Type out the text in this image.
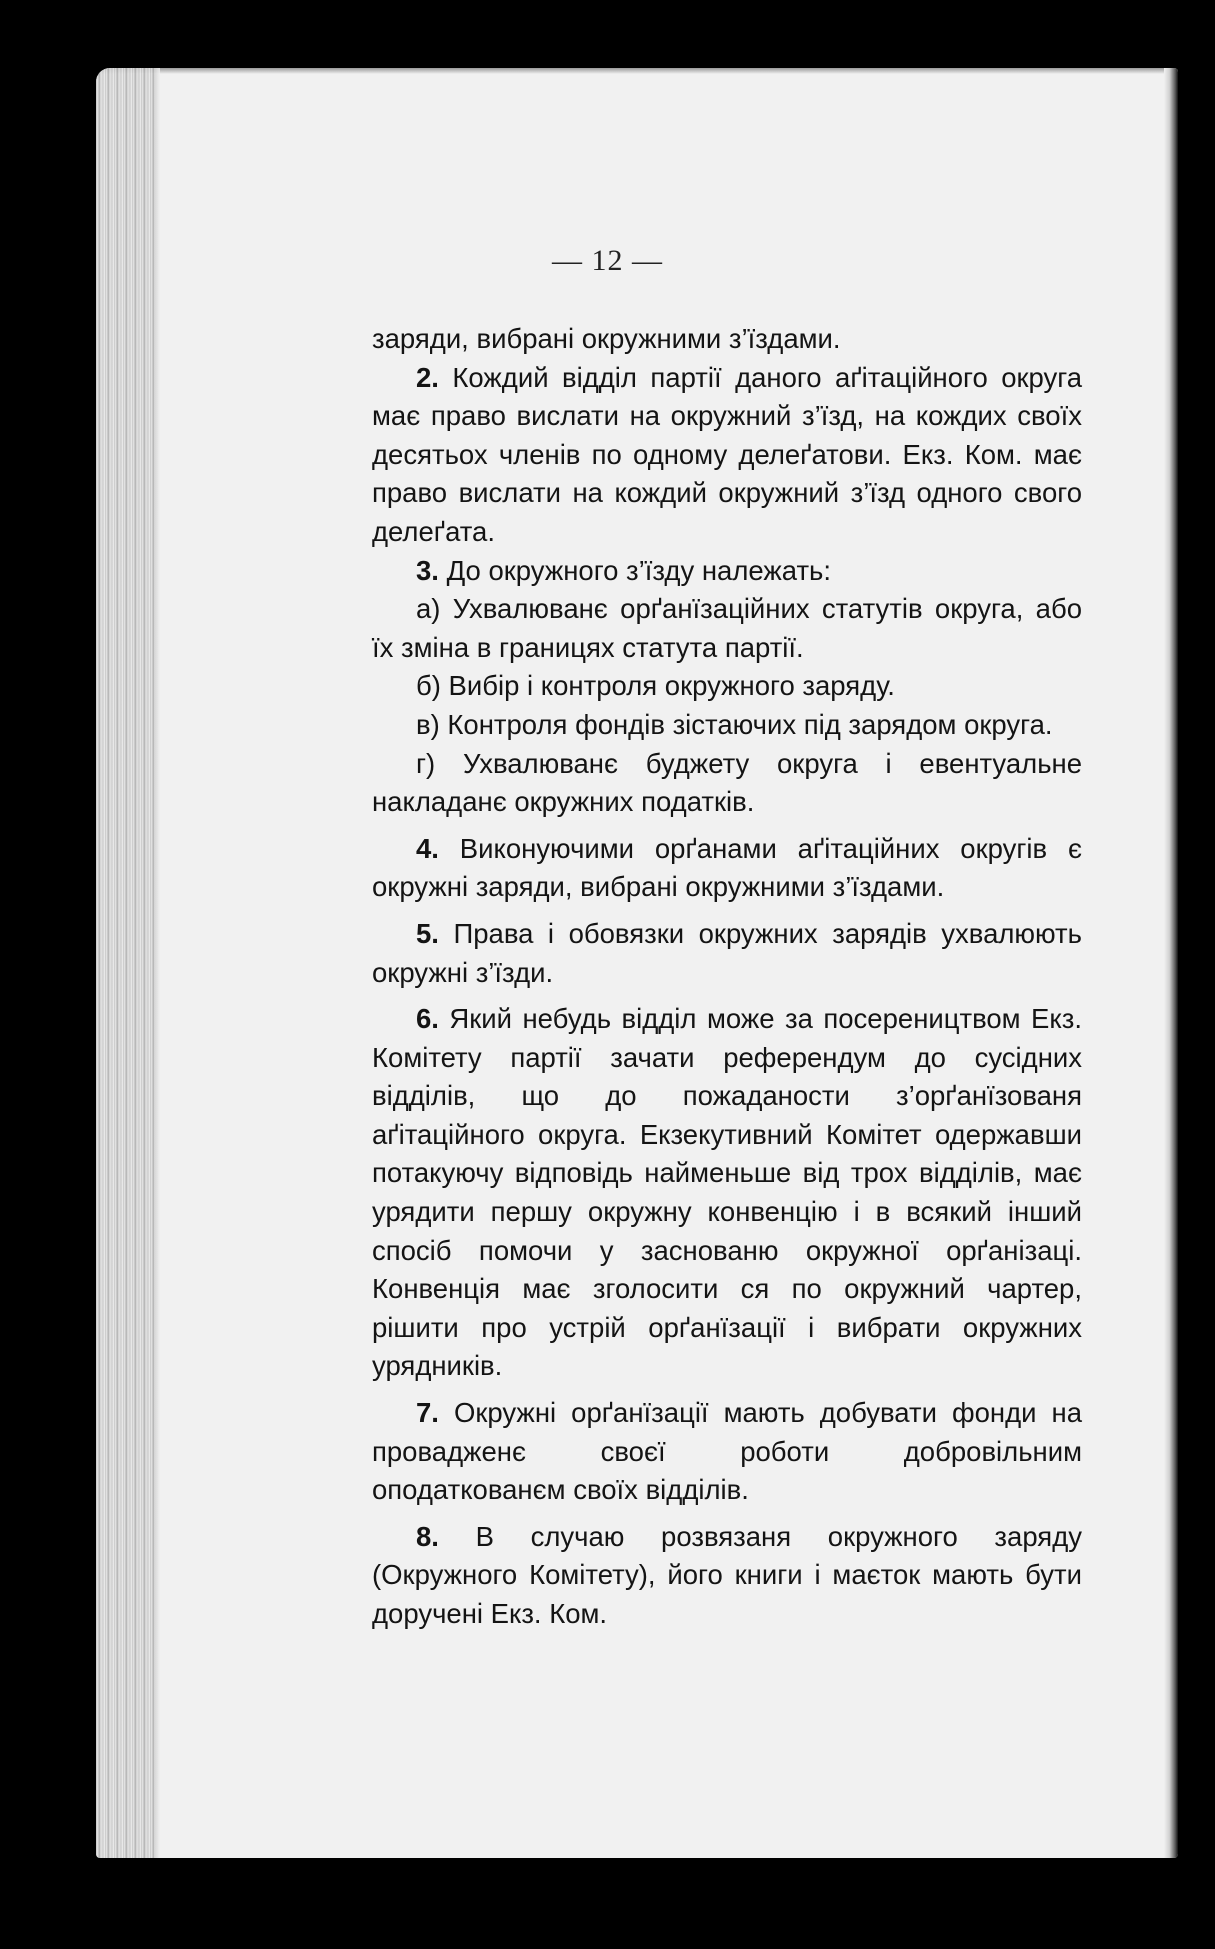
— 12 —

заряди, вибрані окружними з’їздами.

2. Кождий відділ партії даного аґітаційного округа має право вислати на окружний з’їзд, на кождих своїх десятьох членів по одному делеґатови. Екз. Ком. має право вислати на кождий окружний з’їзд одного свого делеґата.

3. До окружного з’їзду належать:

а) Ухвалюванє орґанїзаційних статутів округа, або їх зміна в границях статута партії.

б) Вибір і контроля окружного заряду.

в) Контроля фондів зістаючих під зарядом округа.

г) Ухвалюванє буджету округа і евентуальне накладанє окружних податків.

4. Виконуючими орґанами аґітаційних округів є окружні заряди, вибрані окружними з’їздами.

5. Права і обовязки окружних зарядів ухвалюють окружні з’їзди.

6. Який небудь відділ може за посереництвом Екз. Комітету партії зачати референдум до сусідних відділів, що до пожаданости з’орґанїзованя аґітаційного округа. Екзекутивний Комітет одержавши потакуючу відповідь найменьше від трох відділів, має урядити першу окружну конвенцію і в всякий інший спосіб помочи у заснованю окружної орґанізаці. Конвенція має зголосити ся по окружний чартер, рішити про устрій орґанїзації і вибрати окружних урядників.

7. Окружні орґанїзації мають добувати фонди на провадженє своєї роботи добровільним оподаткованєм своїх відділів.

8. В случаю розвязаня окружного заряду (Окружного Комітету), його книги і маєток мають бути доручені Екз. Ком.
